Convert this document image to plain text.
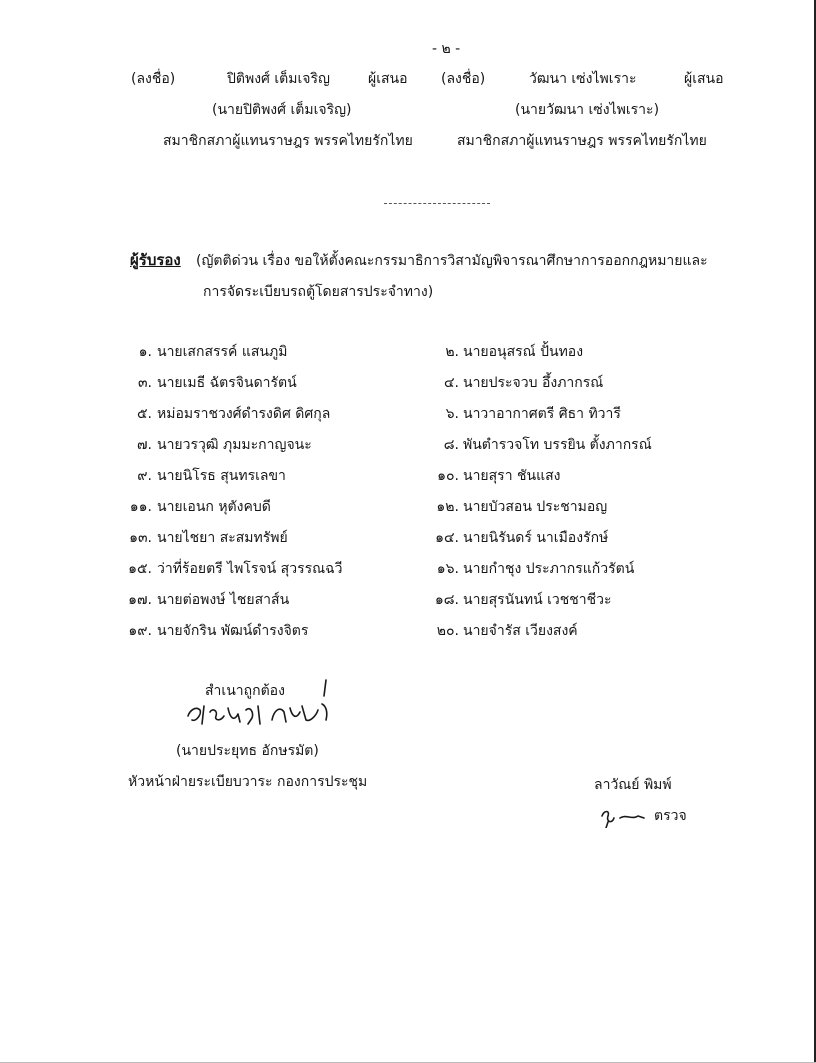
- ๒ -
(ลงชื่อ)	ปิติพงศ์ เต็มเจริญ	ผู้เสนอ (ลงชื่อ)	วัฒนา เซ่งไพเราะ	ผู้เสนอ
(นายปิติพงศ์ เต็มเจริญ)	(นายวัฒนา เซ่งไพเราะ)
สมาชิกสภาผู้แทนราษฎร พรรคไทยรักไทย	สมาชิกสภาผู้แทนราษฎร พรรคไทยรักไทย
ผู้รับรอง (ญัตติด่วน เรื่อง ขอให้ตั้งคณะกรรมาธิการวิสามัญพิจารณาศึกษาการออกกฎหมายและ
การจัดระเบียบรถตู้โดยสารประจำทาง)
๑. นายเสกสรรค์ แสนภูมิ	๒. นายอนุสรณ์ ปั้นทอง
๓. นายเมธี ฉัตรจินดารัตน์	๔. นายประจวบ อึ้งภากรณ์
๕. หม่อมราชวงศ์ดำรงดิศ ดิศกุล	๖. นาวาอากาศตรี ศิธา ทิวารี
๗. นายวรวุฒิ ภุมมะกาญจนะ	๘. พันตำรวจโท บรรยิน ตั้งภากรณ์
๙. นายนิโรธ สุนทรเลขา	๑๐. นายสุรา ชันแสง
๑๑. นายเอนก หุตังคบดี	๑๒. นายบัวสอน ประชามอญ
๑๓. นายไชยา สะสมทรัพย์	๑๔. นายนิรันดร์ นาเมืองรักษ์
๑๕. ว่าที่ร้อยตรี ไพโรจน์ สุวรรณฉวี	๑๖. นายกำชุง ประภากรแก้วรัตน์
๑๗. นายต่อพงษ์ ไชยสาส์น	๑๘. นายสุรนันทน์ เวชชาชีวะ
๑๙. นายจักริน พัฒน์ดำรงจิตร	๒๐. นายจำรัส เวียงสงค์
สำเนาถูกต้อง
(นายประยุทธ อักษรมัต)
หัวหน้าฝ่ายระเบียบวาระ กองการประชุม	ลาวัณย์ พิมพ์
ตรวจ
